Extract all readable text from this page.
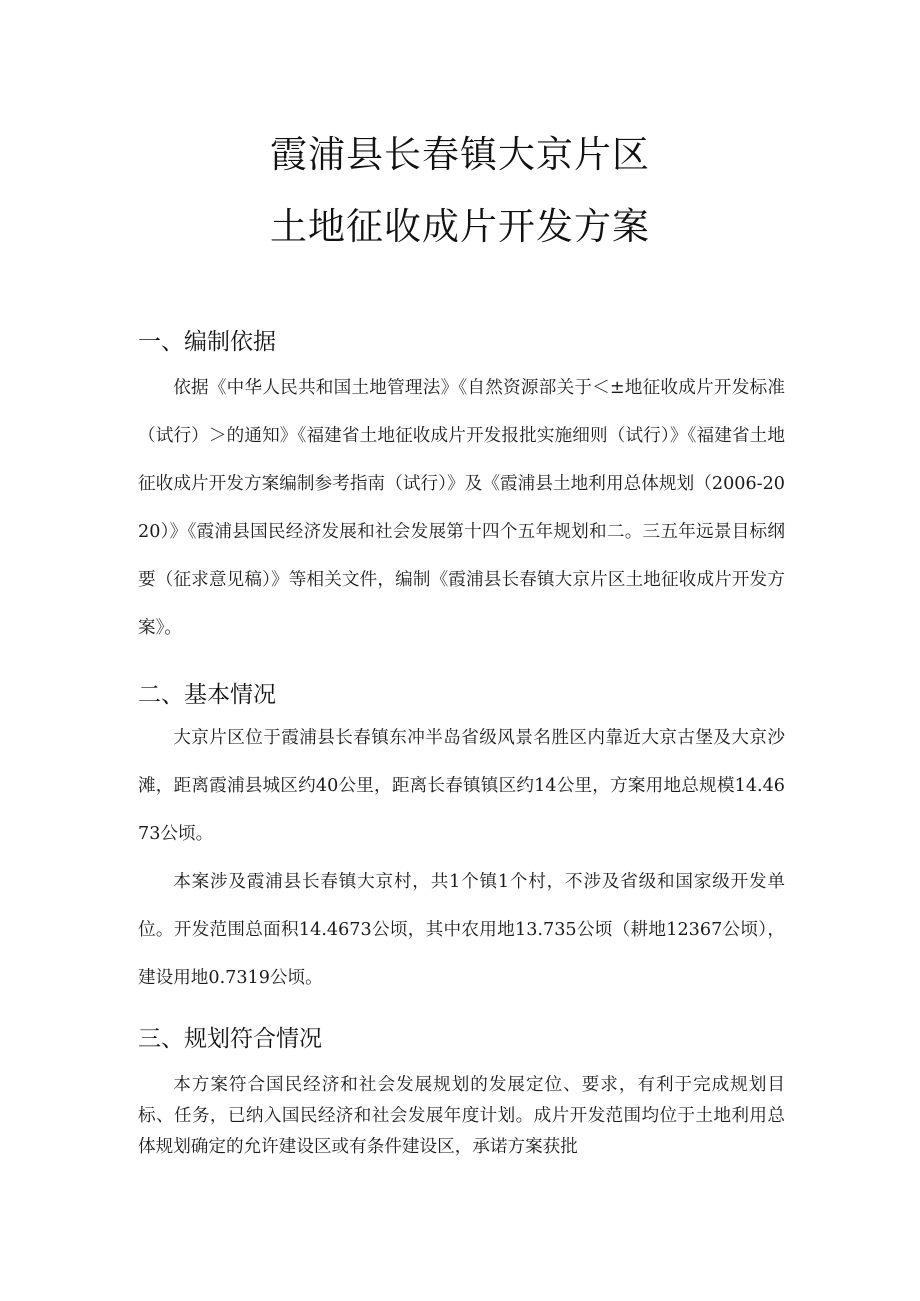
霞浦县长春镇大京片区
土地征收成片开发方案
一、编制依据
依据《中华人民共和国土地管理法》《自然资源部关于＜±地征收成片开发标准（试行）＞的通知》《福建省土地征收成片开发报批实施细则（试行）》《福建省土地征收成片开发方案编制参考指南（试行）》及《霞浦县土地利用总体规划（2006-2020）》《霞浦县国民经济发展和社会发展第十四个五年规划和二。三五年远景目标纲要（征求意见稿）》等相关文件，编制《霞浦县长春镇大京片区土地征收成片开发方案》。
二、基本情况
大京片区位于霞浦县长春镇东冲半岛省级风景名胜区内靠近大京古堡及大京沙滩，距离霞浦县城区约40公里，距离长春镇镇区约14公里，方案用地总规模14.4673公顷。
本案涉及霞浦县长春镇大京村，共1个镇1个村，不涉及省级和国家级开发单位。开发范围总面积14.4673公顷，其中农用地13.735公顷（耕地12367公顷），建设用地0.7319公顷。
三、规划符合情况
本方案符合国民经济和社会发展规划的发展定位、要求，有利于完成规划目标、任务，已纳入国民经济和社会发展年度计划。成片开发范围均位于土地利用总体规划确定的允许建设区或有条件建设区，承诺方案获批
